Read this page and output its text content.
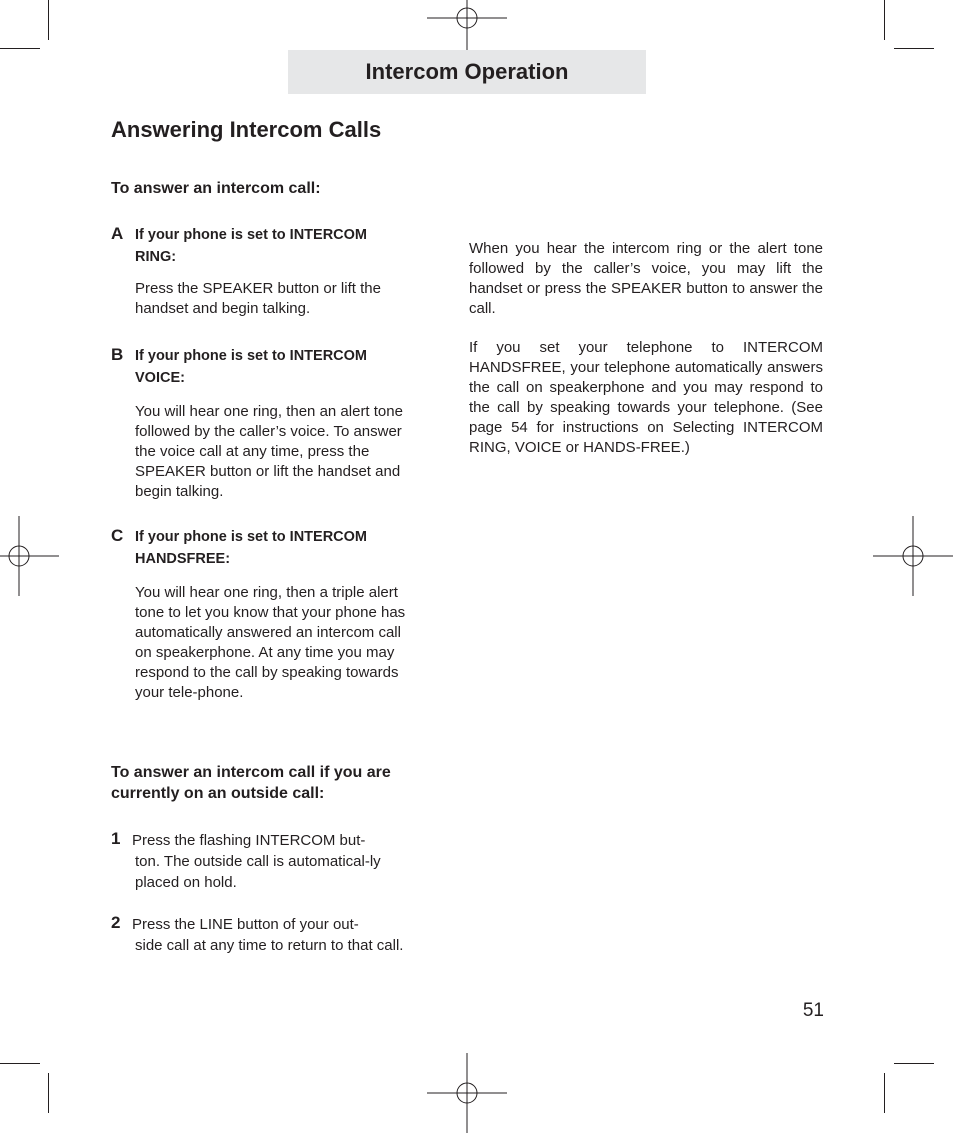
Intercom Operation
Answering Intercom Calls
To answer an intercom call:
A If your phone is set to INTERCOM RING:
Press the SPEAKER button or lift the handset and begin talking.
B If your phone is set to INTERCOM VOICE:
You will hear one ring, then an alert tone followed by the caller’s voice. To answer the voice call at any time, press the SPEAKER button or lift the handset and begin talking.
C If your phone is set to INTERCOM HANDSFREE:
You will hear one ring, then a triple alert tone to let you know that your phone has automatically answered an intercom call on speakerphone. At any time you may respond to the call by speaking towards your tele-phone.
To answer an intercom call if you are currently on an outside call:
1 Press the flashing INTERCOM but-
ton. The outside call is automatical-ly placed on hold.
2 Press the LINE button of your out-
side call at any time to return to that call.
When you hear the intercom ring or the alert tone followed by the caller’s voice, you may lift the handset or press the SPEAKER button to answer the call.
If you set your telephone to INTERCOM HANDSFREE, your telephone automatically answers the call on speakerphone and you may respond to the call by speaking towards your telephone. (See page 54 for instructions on Selecting INTERCOM RING, VOICE or HANDS-FREE.)
51
